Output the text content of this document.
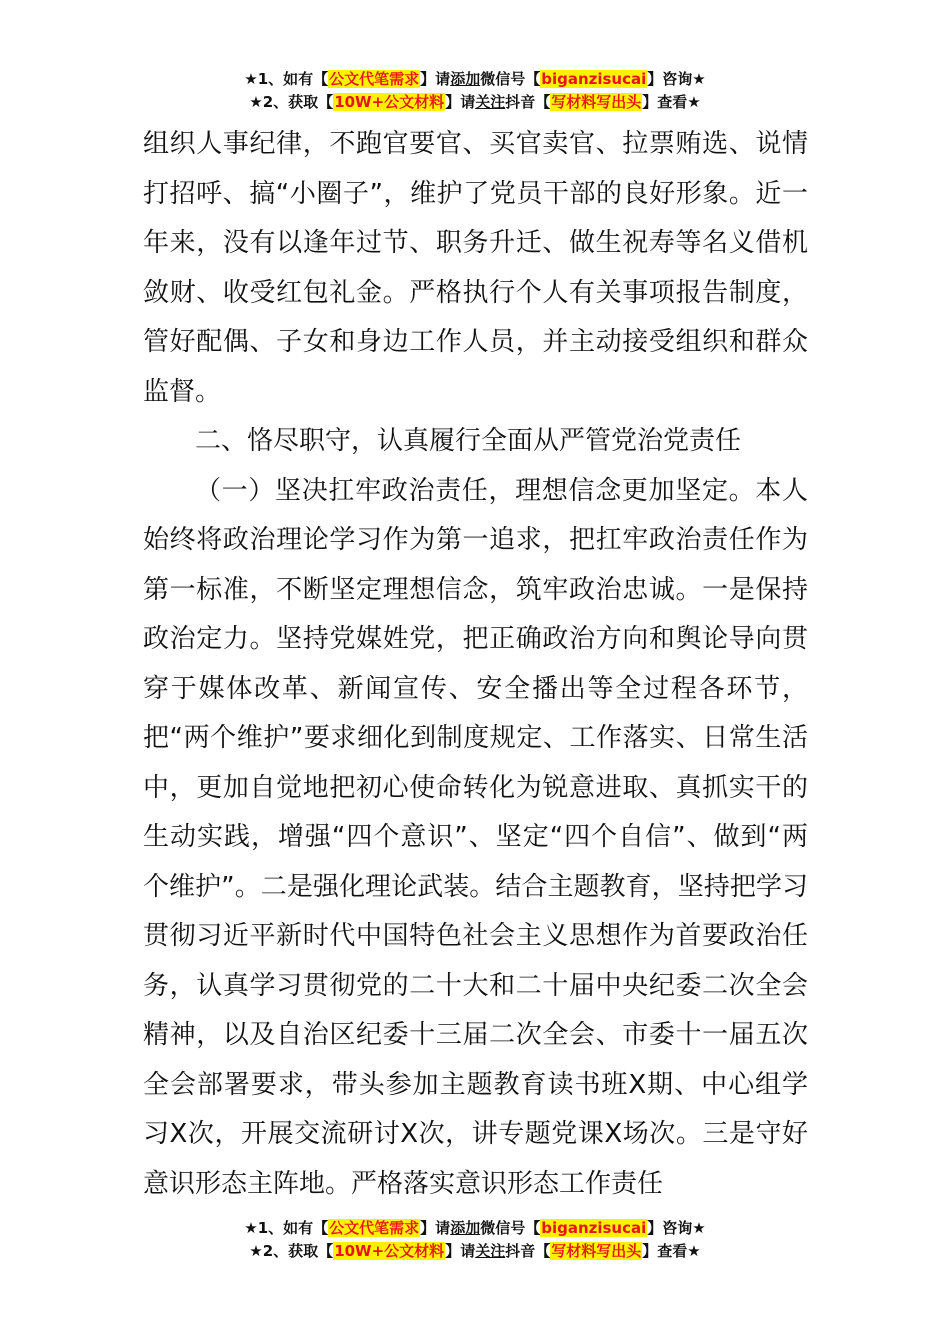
★1、如有【公文代笔需求】请添加微信号【biganzisucai】咨询★
★2、获取【10W+公文材料】请关注抖音【写材料写出头】查看★

组织人事纪律，不跑官要官、买官卖官、拉票贿选、说情打招呼、搞“小圈子”，维护了党员干部的良好形象。近一年来，没有以逢年过节、职务升迁、做生祝寿等名义借机敛财、收受红包礼金。严格执行个人有关事项报告制度，管好配偶、子女和身边工作人员，并主动接受组织和群众监督。

二、恪尽职守，认真履行全面从严管党治党责任

（一）坚决扛牢政治责任，理想信念更加坚定。本人始终将政治理论学习作为第一追求，把扛牢政治责任作为第一标准，不断坚定理想信念，筑牢政治忠诚。一是保持政治定力。坚持党媒姓党，把正确政治方向和舆论导向贯穿于媒体改革、新闻宣传、安全播出等全过程各环节，把“两个维护”要求细化到制度规定、工作落实、日常生活中，更加自觉地把初心使命转化为锐意进取、真抓实干的生动实践，增强“四个意识”、坚定“四个自信”、做到“两个维护”。二是强化理论武装。结合主题教育，坚持把学习贯彻习近平新时代中国特色社会主义思想作为首要政治任务，认真学习贯彻党的二十大和二十届中央纪委二次全会精神，以及自治区纪委十三届二次全会、市委十一届五次全会部署要求，带头参加主题教育读书班X期、中心组学习X次，开展交流研讨X次，讲专题党课X场次。三是守好意识形态主阵地。严格落实意识形态工作责任

★1、如有【公文代笔需求】请添加微信号【biganzisucai】咨询★
★2、获取【10W+公文材料】请关注抖音【写材料写出头】查看★
